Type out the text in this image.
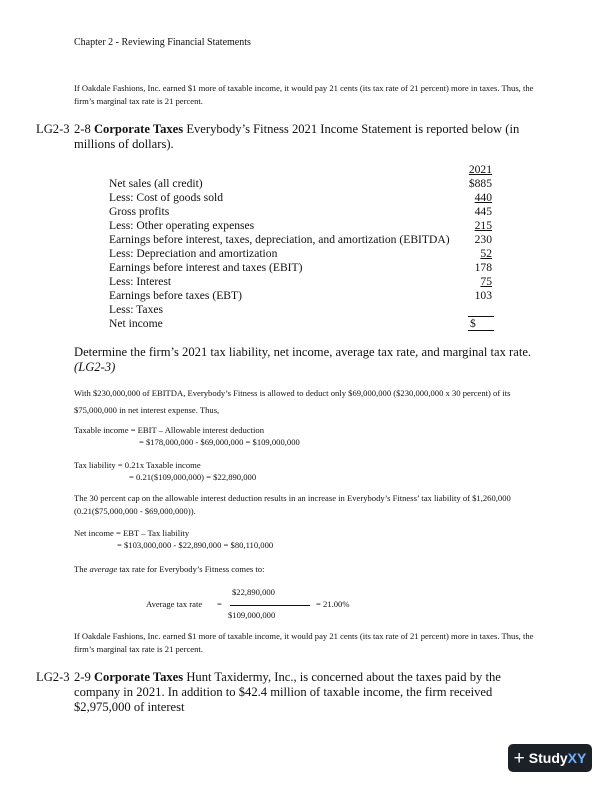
Chapter 2 - Reviewing Financial Statements
If Oakdale Fashions, Inc. earned $1 more of taxable income, it would pay 21 cents (its tax rate of 21 percent) more in taxes. Thus, the firm’s marginal tax rate is 21 percent.
LG2-3 2-8 Corporate Taxes Everybody’s Fitness 2021 Income Statement is reported below (in millions of dollars).
2021
Net sales (all credit)	$885
Less: Cost of goods sold	440
Gross profits	445
Less: Other operating expenses	215
Earnings before interest, taxes, depreciation, and amortization (EBITDA)	230
Less: Depreciation and amortization	52
Earnings before interest and taxes (EBIT)	178
Less: Interest	75
Earnings before taxes (EBT)	103
Less: Taxes
Net income	$
Determine the firm’s 2021 tax liability, net income, average tax rate, and marginal tax rate.
(LG2-3)
With $230,000,000 of EBITDA, Everybody’s Fitness is allowed to deduct only $69,000,000 ($230,000,000 x 30 percent) of its $75,000,000 in net interest expense. Thus,
Taxable income = EBIT – Allowable interest deduction
= $178,000,000 - $69,000,000 = $109,000,000
Tax liability = 0.21x Taxable income
= 0.21($109,000,000) = $22,890,000
The 30 percent cap on the allowable interest deduction results in an increase in Everybody’s Fitness’ tax liability of $1,260,000 (0.21($75,000,000 - $69,000,000)).
Net income = EBT – Tax liability
= $103,000,000 - $22,890,000 = $80,110,000
The average tax rate for Everybody’s Fitness comes to:
$22,890,000
Average tax rate =	= 21.00%
$109,000,000
If Oakdale Fashions, Inc. earned $1 more of taxable income, it would pay 21 cents (its tax rate of 21 percent) more in taxes. Thus, the firm’s marginal tax rate is 21 percent.
LG2-3 2-9 Corporate Taxes Hunt Taxidermy, Inc., is concerned about the taxes paid by the company in 2021. In addition to $42.4 million of taxable income, the firm received $2,975,000 of interest
+ StudyXY
